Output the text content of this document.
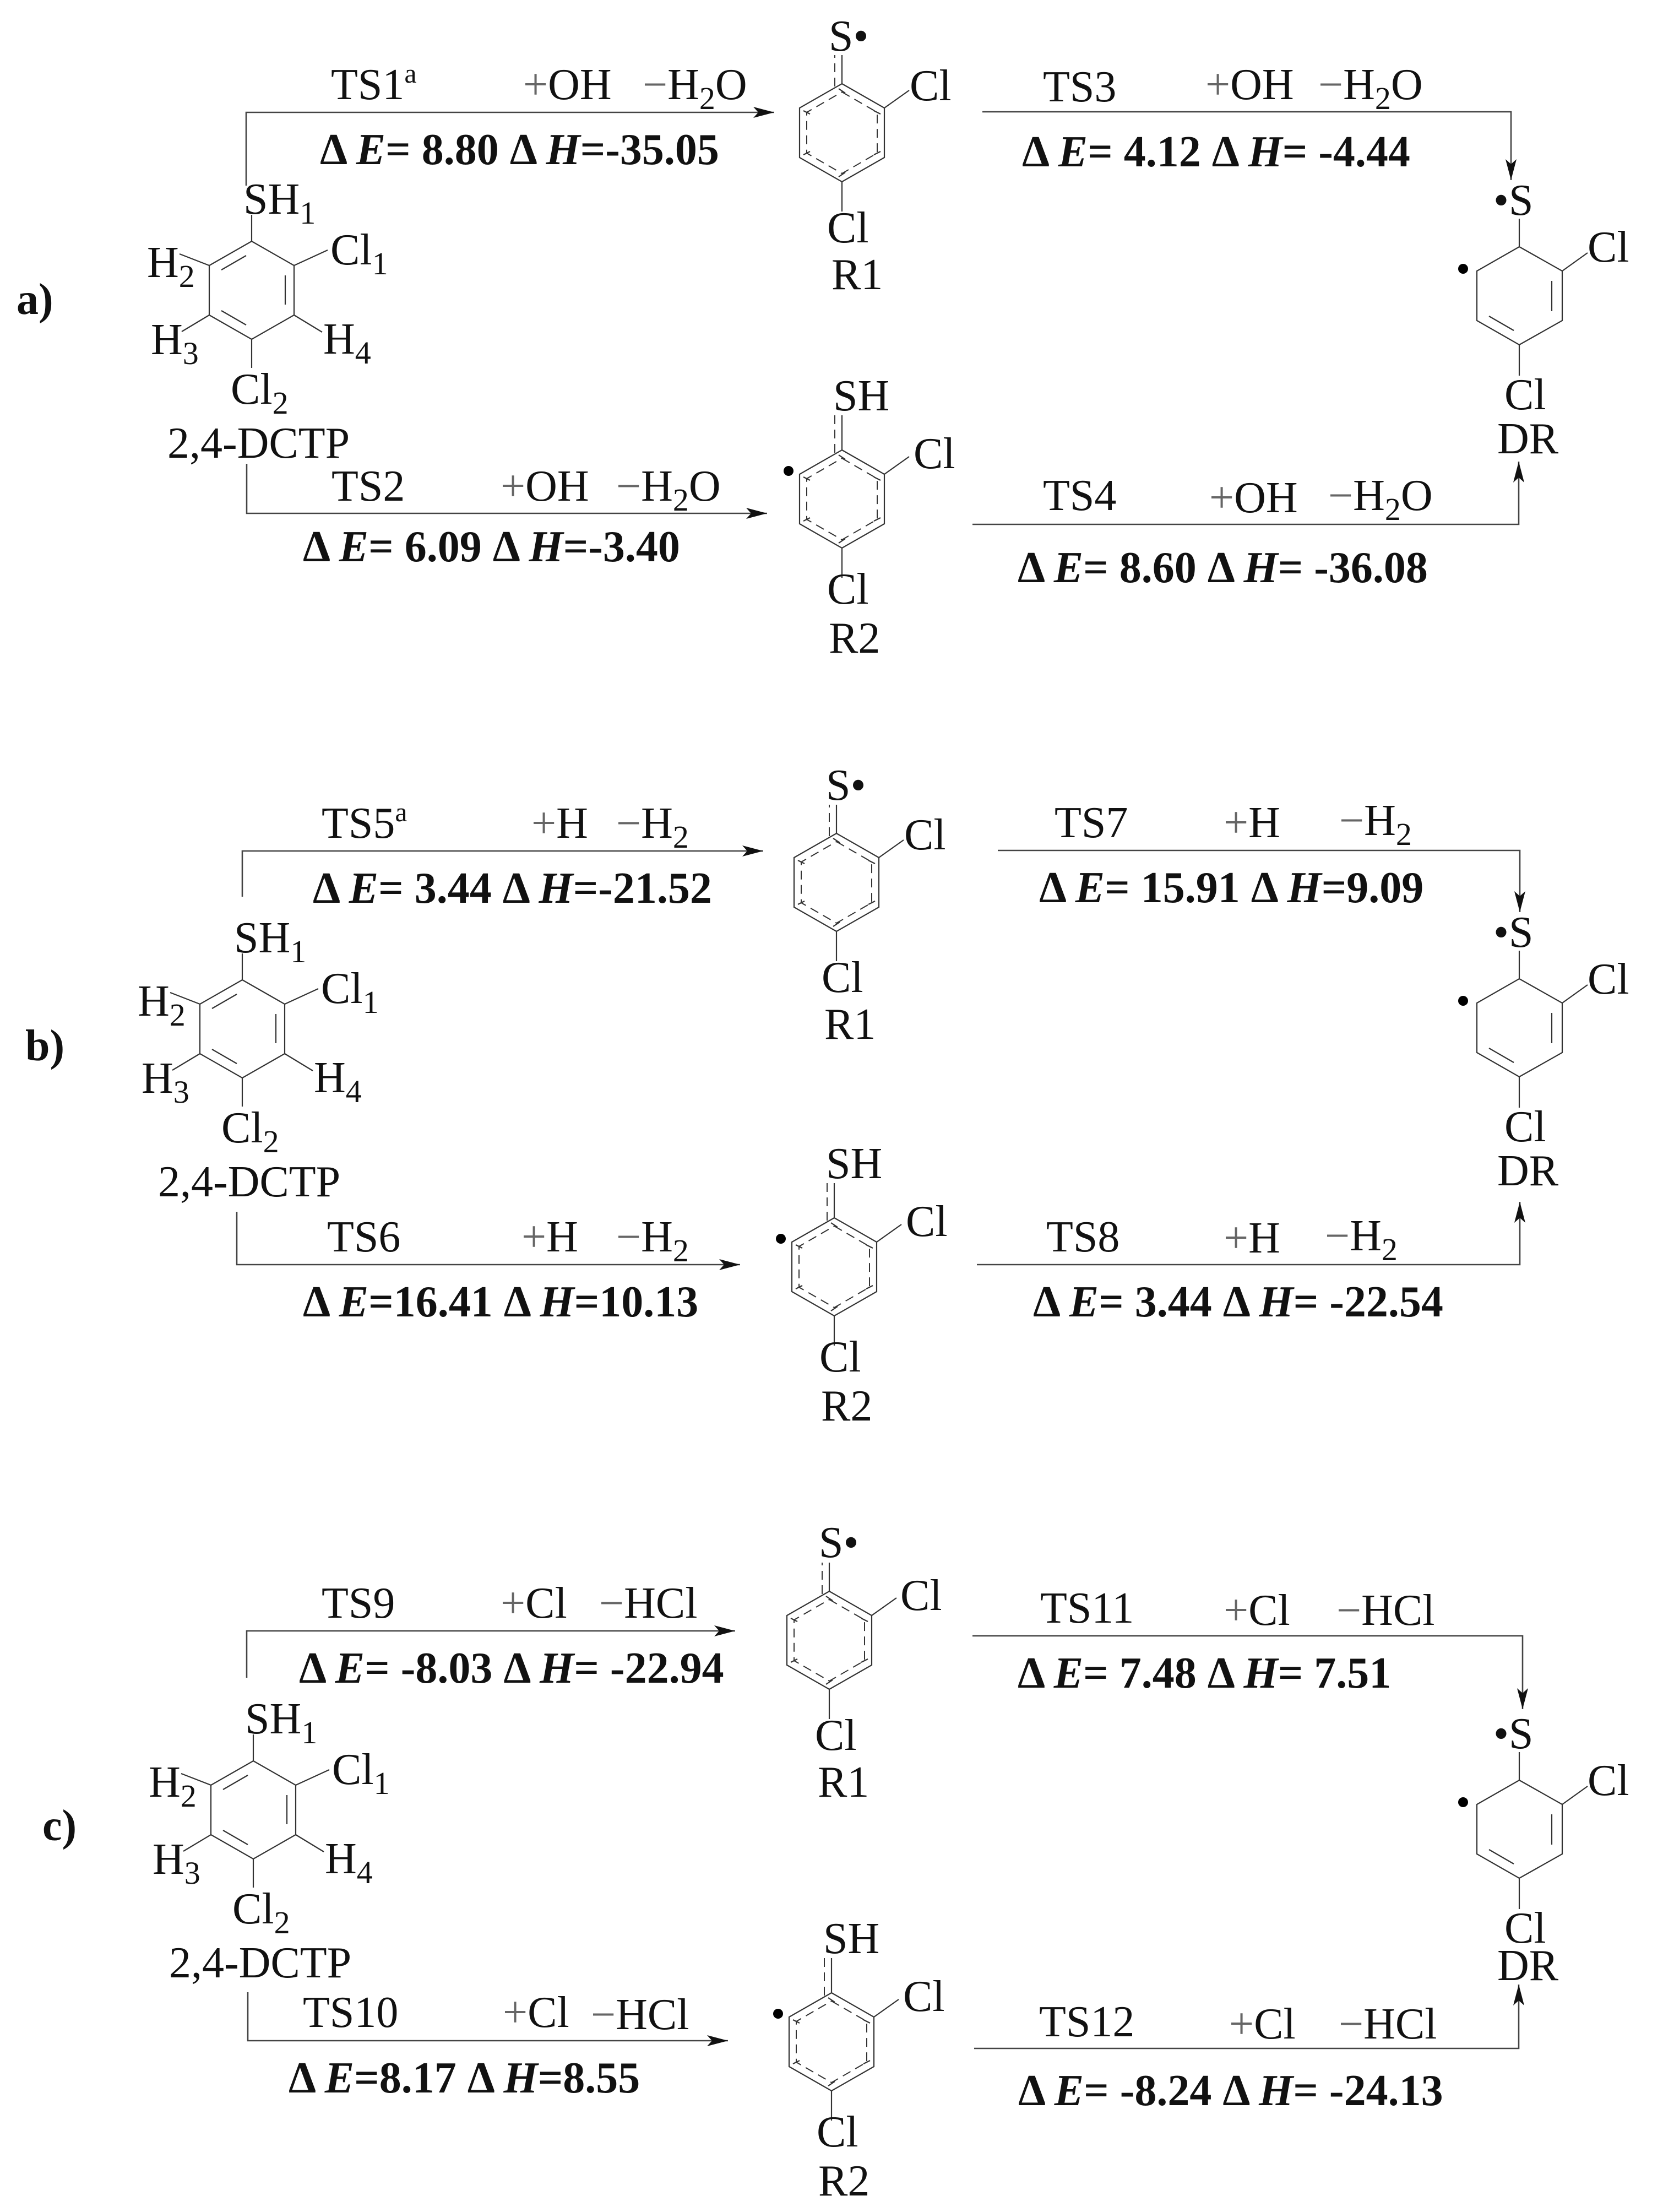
a)
$SH_1$
$H_2$
$Cl_1$
$H_3$	$H_4$
$Cl_2$
2,4-DCTP
$TS1^a +OH -H_2O$
Δ E= 8.80 Δ H=-35.05
$TS2 +OH -H_2O$
Δ E= 6.09 Δ H=-3.40
S•
Cl
Cl
R1
SH
Cl
Cl
R2
$TS3 +OH -H_2O$
Δ E= 4.12 Δ H= -4.44
$TS4 +OH -H_2O$
Δ E= 8.60 Δ H= -36.08
•S
Cl
Cl
DR
b)
$SH_1$
$H_2$
$Cl_1$
$H_3$	$H_4$
$Cl_2$
2,4-DCTP
$TS5^a$	$+H -H_2$
Δ E= 3.44 Δ H=-21.52
TS6	$+H -H_2$
Δ E=16.41 Δ H=10.13
S•
Cl
Cl
R1
SH
Cl
Cl
R2
$TS7 +H -H_2$
Δ E= 15.91 Δ H=9.09
$TS8 +H -H_2$
Δ E= 3.44 Δ H= -22.54
•S
Cl
Cl
DR
c)
$SH_1$
$H_2$
$Cl_1$
$H_3$	$H_4$
$Cl_2$
2,4-DCTP
TS9 +Cl −HCl
Δ E= -8.03 Δ H= -22.94
TS10 +Cl −HCl
Δ E=8.17 Δ H=8.55
S•
Cl
Cl
R1
SH
Cl
Cl
R2
TS11 +Cl −HCl
Δ E= 7.48 Δ H= 7.51
TS12 +Cl −HCl
Δ E= -8.24 Δ H= -24.13
•S
Cl
Cl
DR
